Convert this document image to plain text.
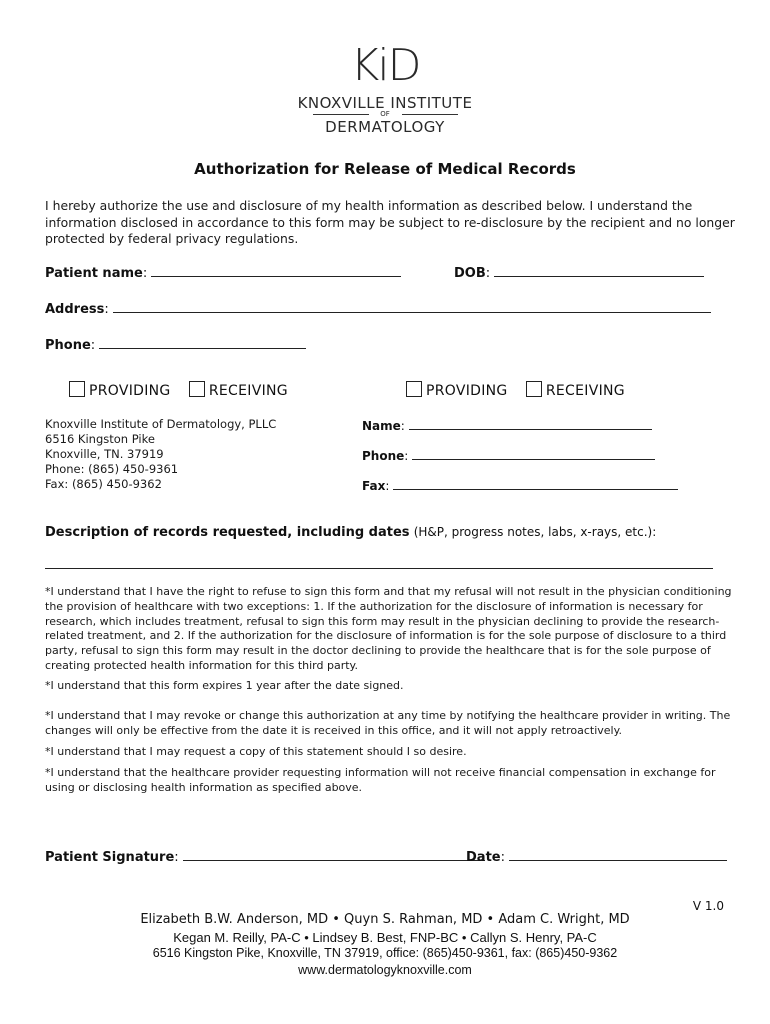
KiD
KNOXVILLE INSTITUTE
OF
DERMATOLOGY
Authorization for Release of Medical Records
I hereby authorize the use and disclosure of my health information as described below. I understand the information disclosed in accordance to this form may be subject to re-disclosure by the recipient and no longer protected by federal privacy regulations.
Patient name:	DOB:
Address:
Phone:
PROVIDING	RECEIVING	PROVIDING	RECEIVING
Knoxville Institute of Dermatology, PLLC
6516 Kingston Pike
Knoxville, TN. 37919
Phone: (865) 450-9361
Fax: (865) 450-9362
Name:
Phone:
Fax:
Description of records requested, including dates (H&P, progress notes, labs, x-rays, etc.):
*I understand that I have the right to refuse to sign this form and that my refusal will not result in the physician conditioning the provision of healthcare with two exceptions: 1. If the authorization for the disclosure of information is necessary for research, which includes treatment, refusal to sign this form may result in the physician declining to provide the research-related treatment, and 2. If the authorization for the disclosure of information is for the sole purpose of disclosure to a third party, refusal to sign this form may result in the doctor declining to provide the healthcare that is for the sole purpose of creating protected health information for this third party.
*I understand that this form expires 1 year after the date signed.
*I understand that I may revoke or change this authorization at any time by notifying the healthcare provider in writing. The changes will only be effective from the date it is received in this office, and it will not apply retroactively.
*I understand that I may request a copy of this statement should I so desire.
*I understand that the healthcare provider requesting information will not receive financial compensation in exchange for using or disclosing health information as specified above.
Patient Signature:	Date:
V 1.0
Elizabeth B.W. Anderson, MD • Quyn S. Rahman, MD • Adam C. Wright, MD
Kegan M. Reilly, PA-C • Lindsey B. Best, FNP-BC • Callyn S. Henry, PA-C
6516 Kingston Pike, Knoxville, TN 37919, office: (865)450-9361, fax: (865)450-9362
www.dermatologyknoxville.com
